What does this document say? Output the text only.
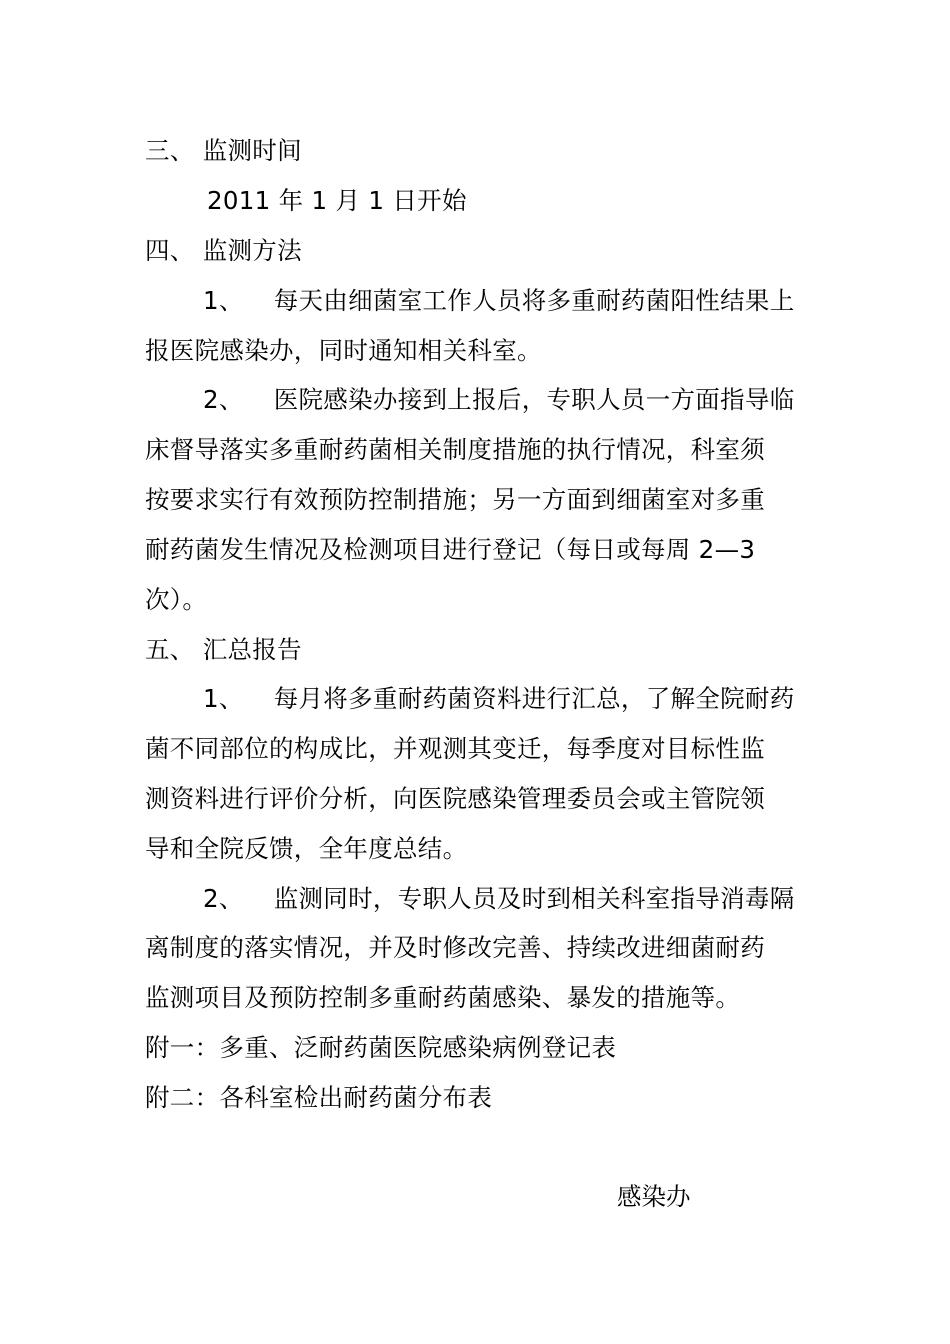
三、 监测时间
2011 年 1 月 1 日开始
四、 监测方法
1、 每天由细菌室工作人员将多重耐药菌阳性结果上
报医院感染办，同时通知相关科室。
2、 医院感染办接到上报后，专职人员一方面指导临
床督导落实多重耐药菌相关制度措施的执行情况，科室须
按要求实行有效预防控制措施；另一方面到细菌室对多重
耐药菌发生情况及检测项目进行登记（每日或每周 2—3
次）。
五、 汇总报告
1、 每月将多重耐药菌资料进行汇总，了解全院耐药
菌不同部位的构成比，并观测其变迁，每季度对目标性监
测资料进行评价分析，向医院感染管理委员会或主管院领
导和全院反馈，全年度总结。
2、 监测同时，专职人员及时到相关科室指导消毒隔
离制度的落实情况，并及时修改完善、持续改进细菌耐药
监测项目及预防控制多重耐药菌感染、暴发的措施等。
附一：多重、泛耐药菌医院感染病例登记表
附二：各科室检出耐药菌分布表
感染办
